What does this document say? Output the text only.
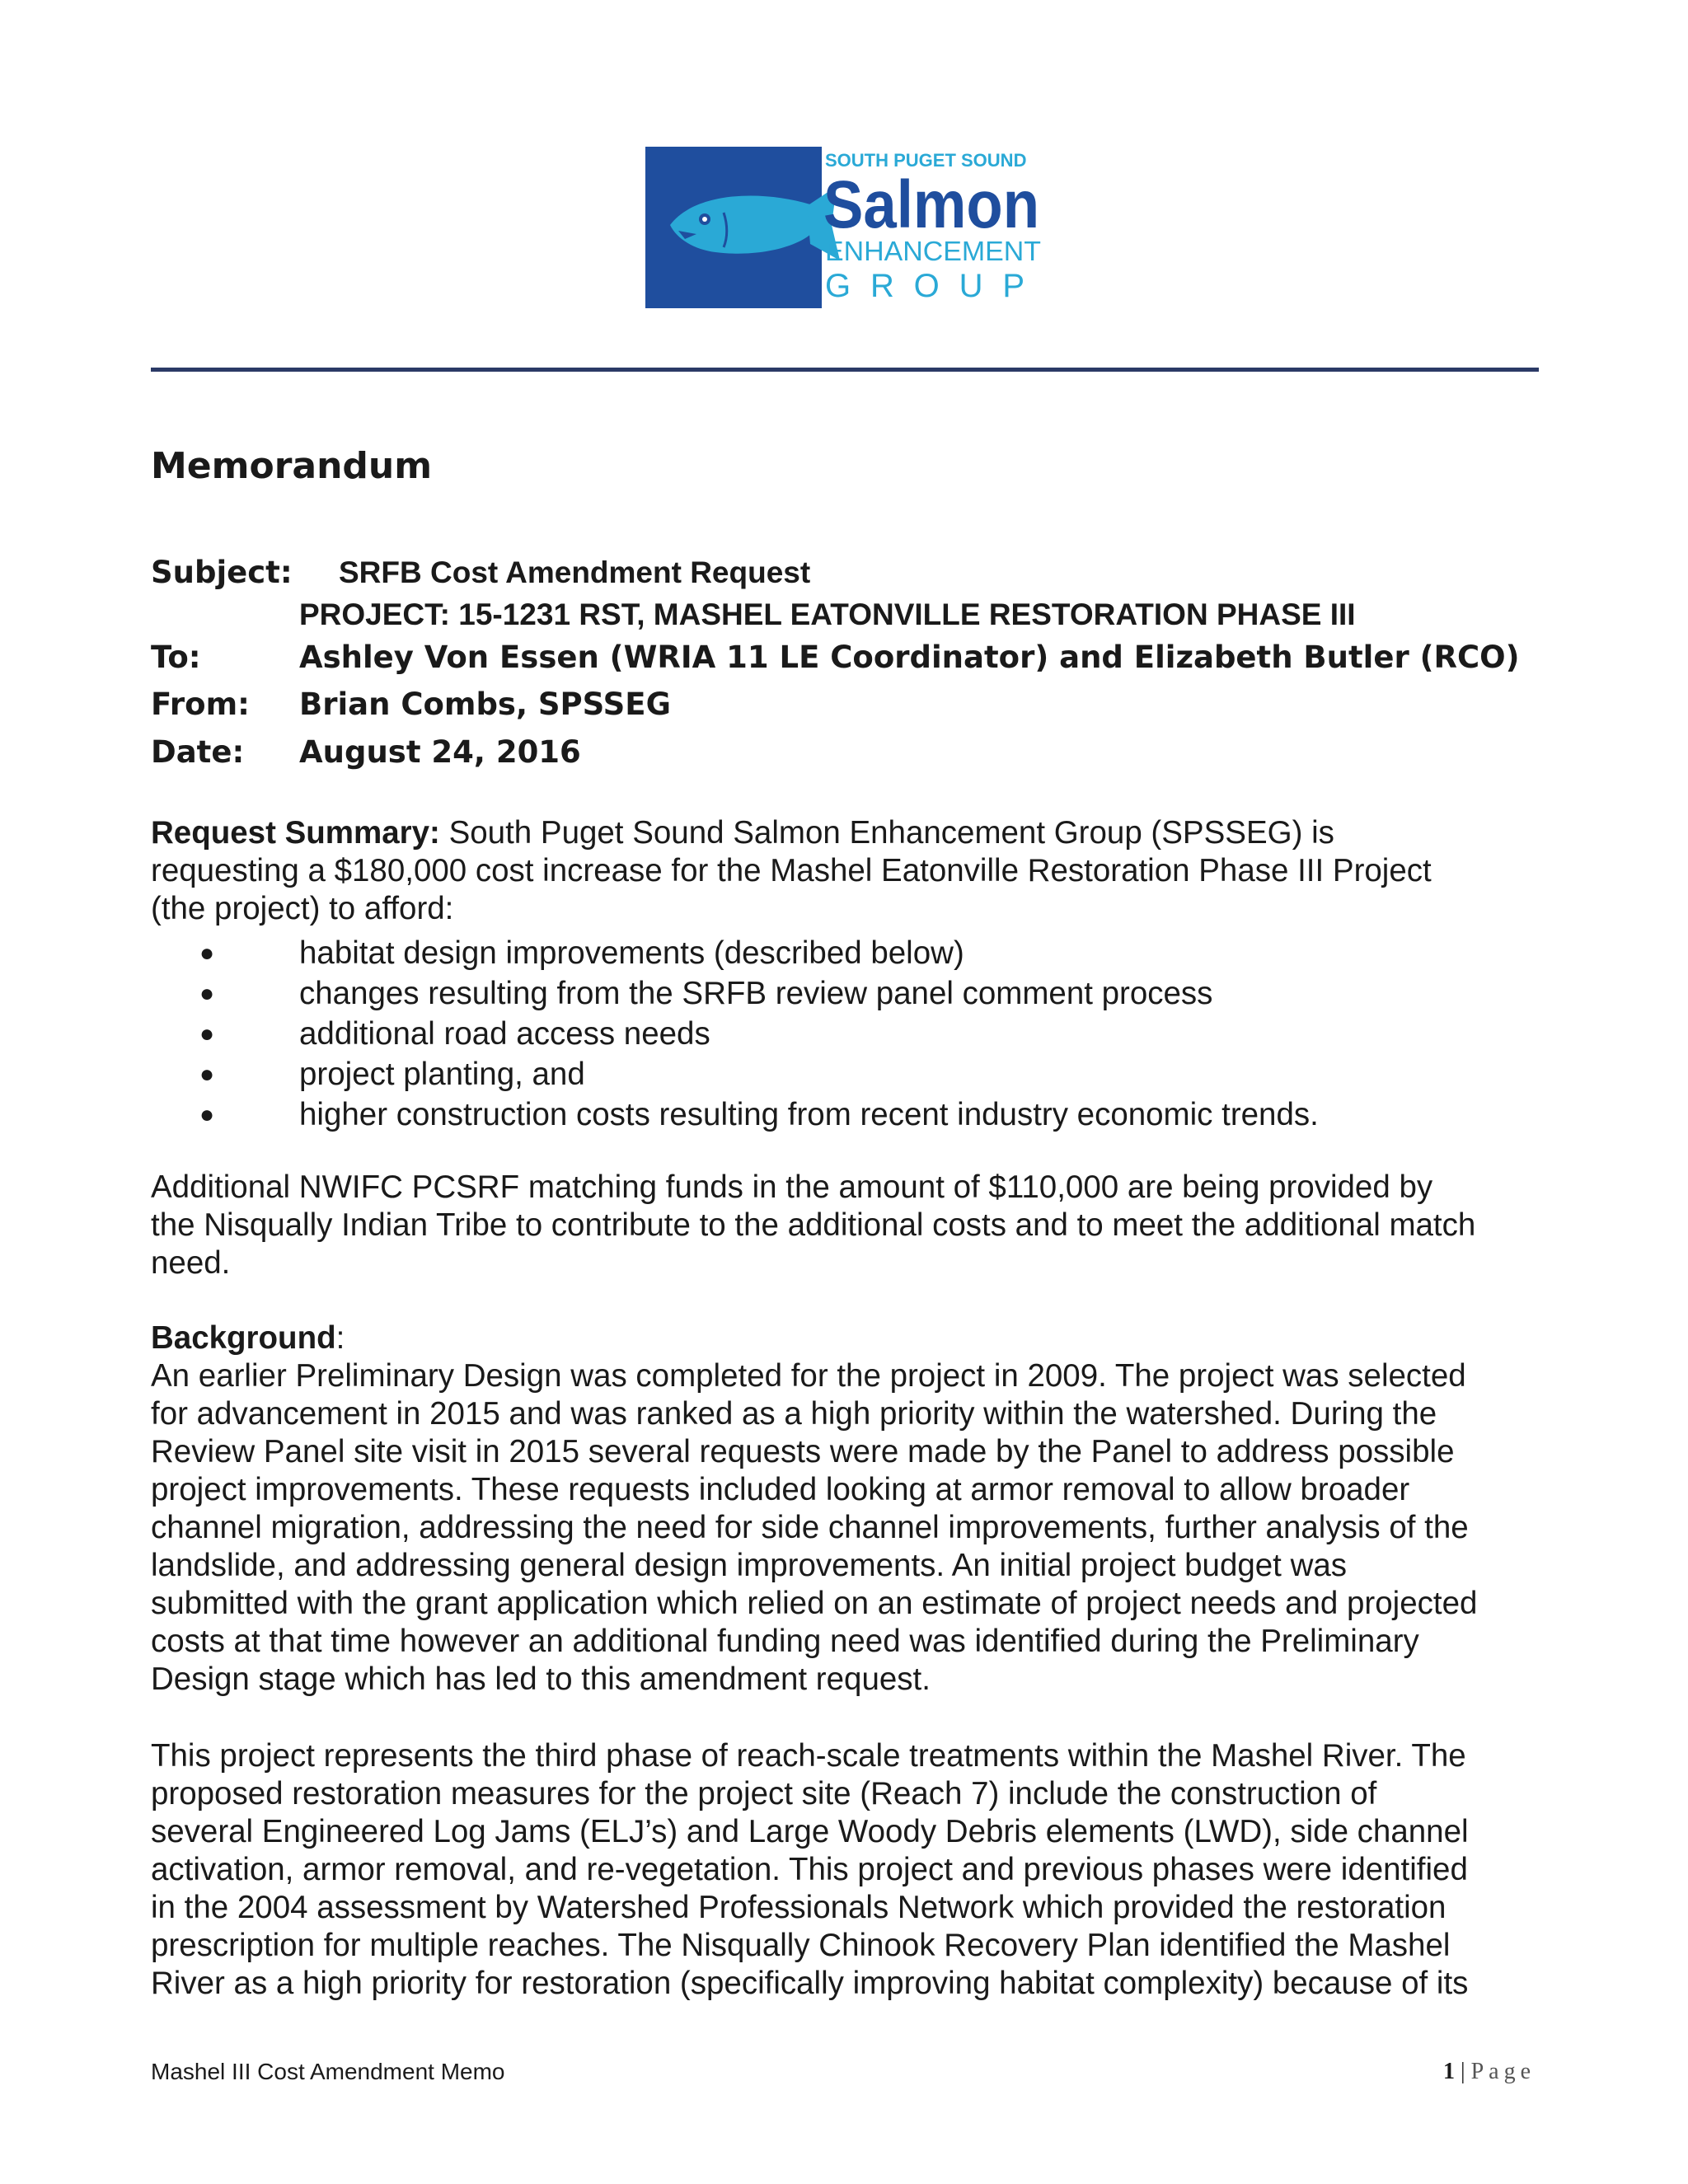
SOUTH PUGET SOUND
Salmon
ENHANCEMENT
GROUP
Memorandum
Subject: SRFB Cost Amendment Request
PROJECT: 15-1231 RST, MASHEL EATONVILLE RESTORATION PHASE III
To:	Ashley Von Essen (WRIA 11 LE Coordinator) and Elizabeth Butler (RCO)
From: Brian Combs, SPSSEG
Date: August 24, 2016
Request Summary: South Puget Sound Salmon Enhancement Group (SPSSEG) is
requesting a $180,000 cost increase for the Mashel Eatonville Restoration Phase III Project
(the project) to afford:
●	habitat design improvements (described below)
●	changes resulting from the SRFB review panel comment process
●	additional road access needs
●	project planting, and
●	higher construction costs resulting from recent industry economic trends.
Additional NWIFC PCSRF matching funds in the amount of $110,000 are being provided by
the Nisqually Indian Tribe to contribute to the additional costs and to meet the additional match
need.
Background:
An earlier Preliminary Design was completed for the project in 2009. The project was selected
for advancement in 2015 and was ranked as a high priority within the watershed. During the
Review Panel site visit in 2015 several requests were made by the Panel to address possible
project improvements. These requests included looking at armor removal to allow broader
channel migration, addressing the need for side channel improvements, further analysis of the
landslide, and addressing general design improvements. An initial project budget was
submitted with the grant application which relied on an estimate of project needs and projected
costs at that time however an additional funding need was identified during the Preliminary
Design stage which has led to this amendment request.
This project represents the third phase of reach-scale treatments within the Mashel River. The
proposed restoration measures for the project site (Reach 7) include the construction of
several Engineered Log Jams (ELJ’s) and Large Woody Debris elements (LWD), side channel
activation, armor removal, and re-vegetation. This project and previous phases were identified
in the 2004 assessment by Watershed Professionals Network which provided the restoration
prescription for multiple reaches. The Nisqually Chinook Recovery Plan identified the Mashel
River as a high priority for restoration (specifically improving habitat complexity) because of its
Mashel III Cost Amendment Memo	1 | Page
